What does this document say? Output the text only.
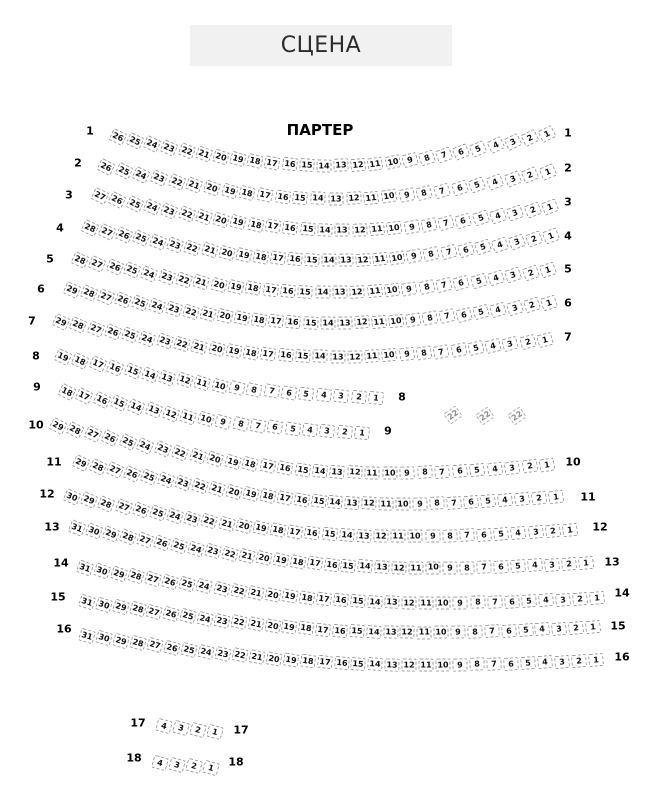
СЦЕНА
ПАРТЕР
26 25 24 23 22 21 20 19 18 17 16 15 14 13 12 11 10 9	8	7	6	5	4	3	2	1
1	1
26 25 24 23 22 21 20 19 18 17 16 15 14 13 12 11 10 9	8	7	6	5	4	3	2	1
2	2
27 26 25 24 23 22 21 20 19 18 17 16 15 14 13 12 11 10 9	8	7	6	5	4	3	2	1
3
3
28 27 26 25 24 23 22 21 20 19 18 17 16 15 14 13 12 11 10 9	8	7	6	5	4	3	2	1
4
4
28 27 26 25 24 23 22 21 20 19 18 17 16 15 14 13 12 11 10 9	8	7	6	5	4	3	2	1
5
5
29 28 27 26 25 24 23 22 21 20 19 18 17 16 15 14 13 12 11 10 9	8	7	6	5	4	3	2	1
6
6
29 28 27 26 25 24 23 22 21 20 19 18 17 16 15 14 13 12 11 10 9	8	7	6	5	4	3	2	1
7
7
19 18 17 16 15 14 13 12 11 10 9	8	7	6	5	4	3	2	1
8
8
18 17 16 15 14 13 12 11 10 9	8	7	6	5	4	3	2	1
9
9
29 28 27 26 25 24 23 22 21 20 19 18 17 16 15 14 13 12 11 10	9	8	7	6	5	4	3	2	1
10
10
29 28 27 26 25 24 23 22 21 20 19 18 17 16 15 14 13 12 11 10	9	8	7	6	5	4	3	2	1
11
11
30 29 28 27 26 25 24 23 22 21 20 19 18 17 16 15 14 13 12 11 10	9	8	7	6	5	4	3	2	1
12
12
31 30 29 28 27 26 25 24 23 22 21 20 19 18 17 16 15 14 13 12 11 10	9	8	7	6	5	4	3	2	1
13
13
31 30 29 28 27 26 25 24 23 22 21 20 19 18 17 16 15 14 13 12 11 10	9	8	7	6	5	4	3	2	1
14
14
31 30 29 28 27 26 25 24 23 22 21 20 19 18 17 16 15 14 13 12 11 10	9	8	7	6	5	4	3	2	1
15
15
31 30 29 28 27 26 25 24 23 22 21 20 19 18 17 16 15 14 13 12 11 10	9	8	7	6	5	4	3	2	1
16
16
4	3	2	1
17
17
4	3	2	1
18	18
22	22	22
